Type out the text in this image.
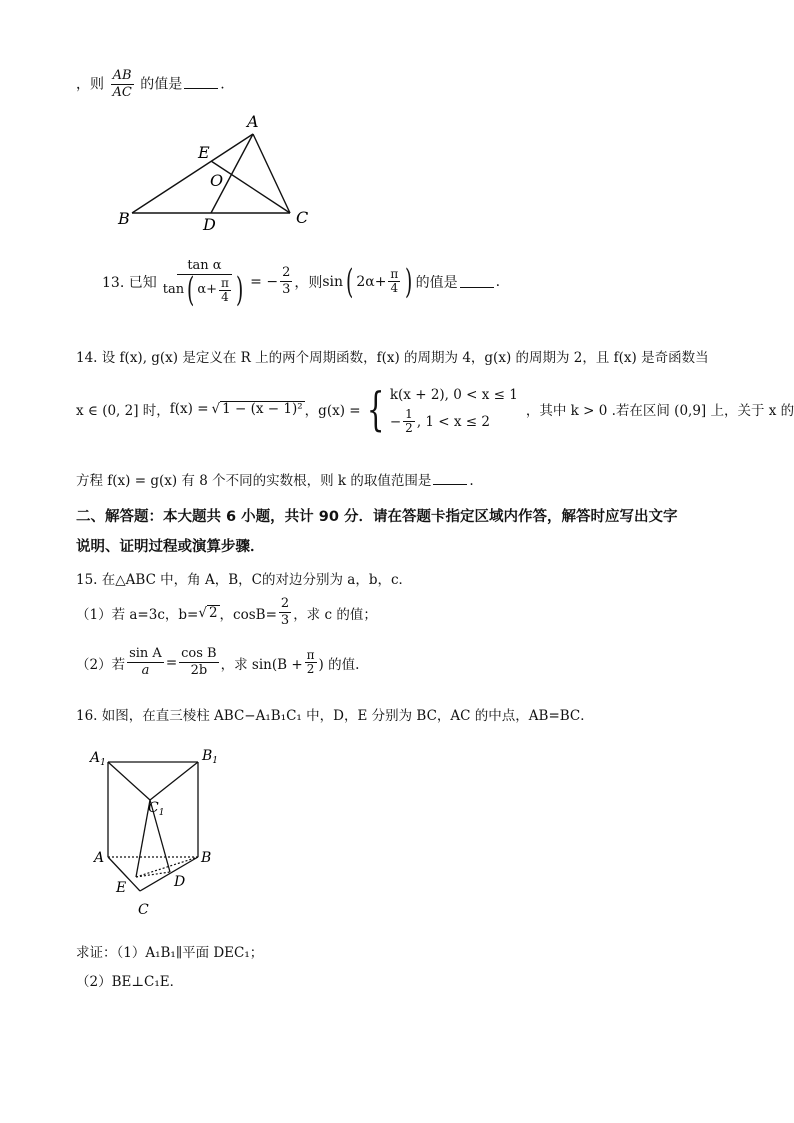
，则 $\frac{AB}{AC}$ 的值是	.
A
B	C
D
E
O
13. 已知
tan α
tan ( $\alpha+ \frac{\pi}{4}$ ) = − $\frac{2}{3}$ ，则 sin ( $2\alpha+ \frac{\pi}{4}$ ) 的值是	.
14. 设 f(x), g(x) 是定义在 R 上的两个周期函数，f(x) 的周期为 4，g(x) 的周期为 2，且 f(x) 是奇函数当
x ∈ (0, 2] 时， f(x) = √ 1 − (x − 1)² ，g(x) = { k(x + 2), 0 < x ≤ 1
− $\frac{1}{2}$ , 1 < x ≤ 2
，其中 k > 0 .若在区间 (0,9] 上，关于 x 的
方程 f(x) = g(x) 有 8 个不同的实数根，则 k 的取值范围是	.
二、解答题：本大题共 6 小题，共计 90 分．请在答题卡指定区域内作答，解答时应写出文字
说明、证明过程或演算步骤．
15. 在△ABC 中，角 A，B，C的对边分别为 a，b，c．
（1）若 a=3c，b= √ 2 ，$\cos B= \frac{2}{3}$ ，求 c 的值；
（2）若 $\frac{\text{sin A}}{a} = \frac{\text{cos B}}{2b}$ ，求 $\sin(B + \frac{\pi}{2}$ ) 的值.
16. 如图，在直三棱柱 ABC−A₁B₁C₁ 中，D，E 分别为 BC，AC 的中点，AB=BC．
$A_1$	$B_1$
$C_1$
A	B
E	D
C
求证：（1）A₁B₁∥平面 DEC₁；
（2）BE⊥C₁E．
